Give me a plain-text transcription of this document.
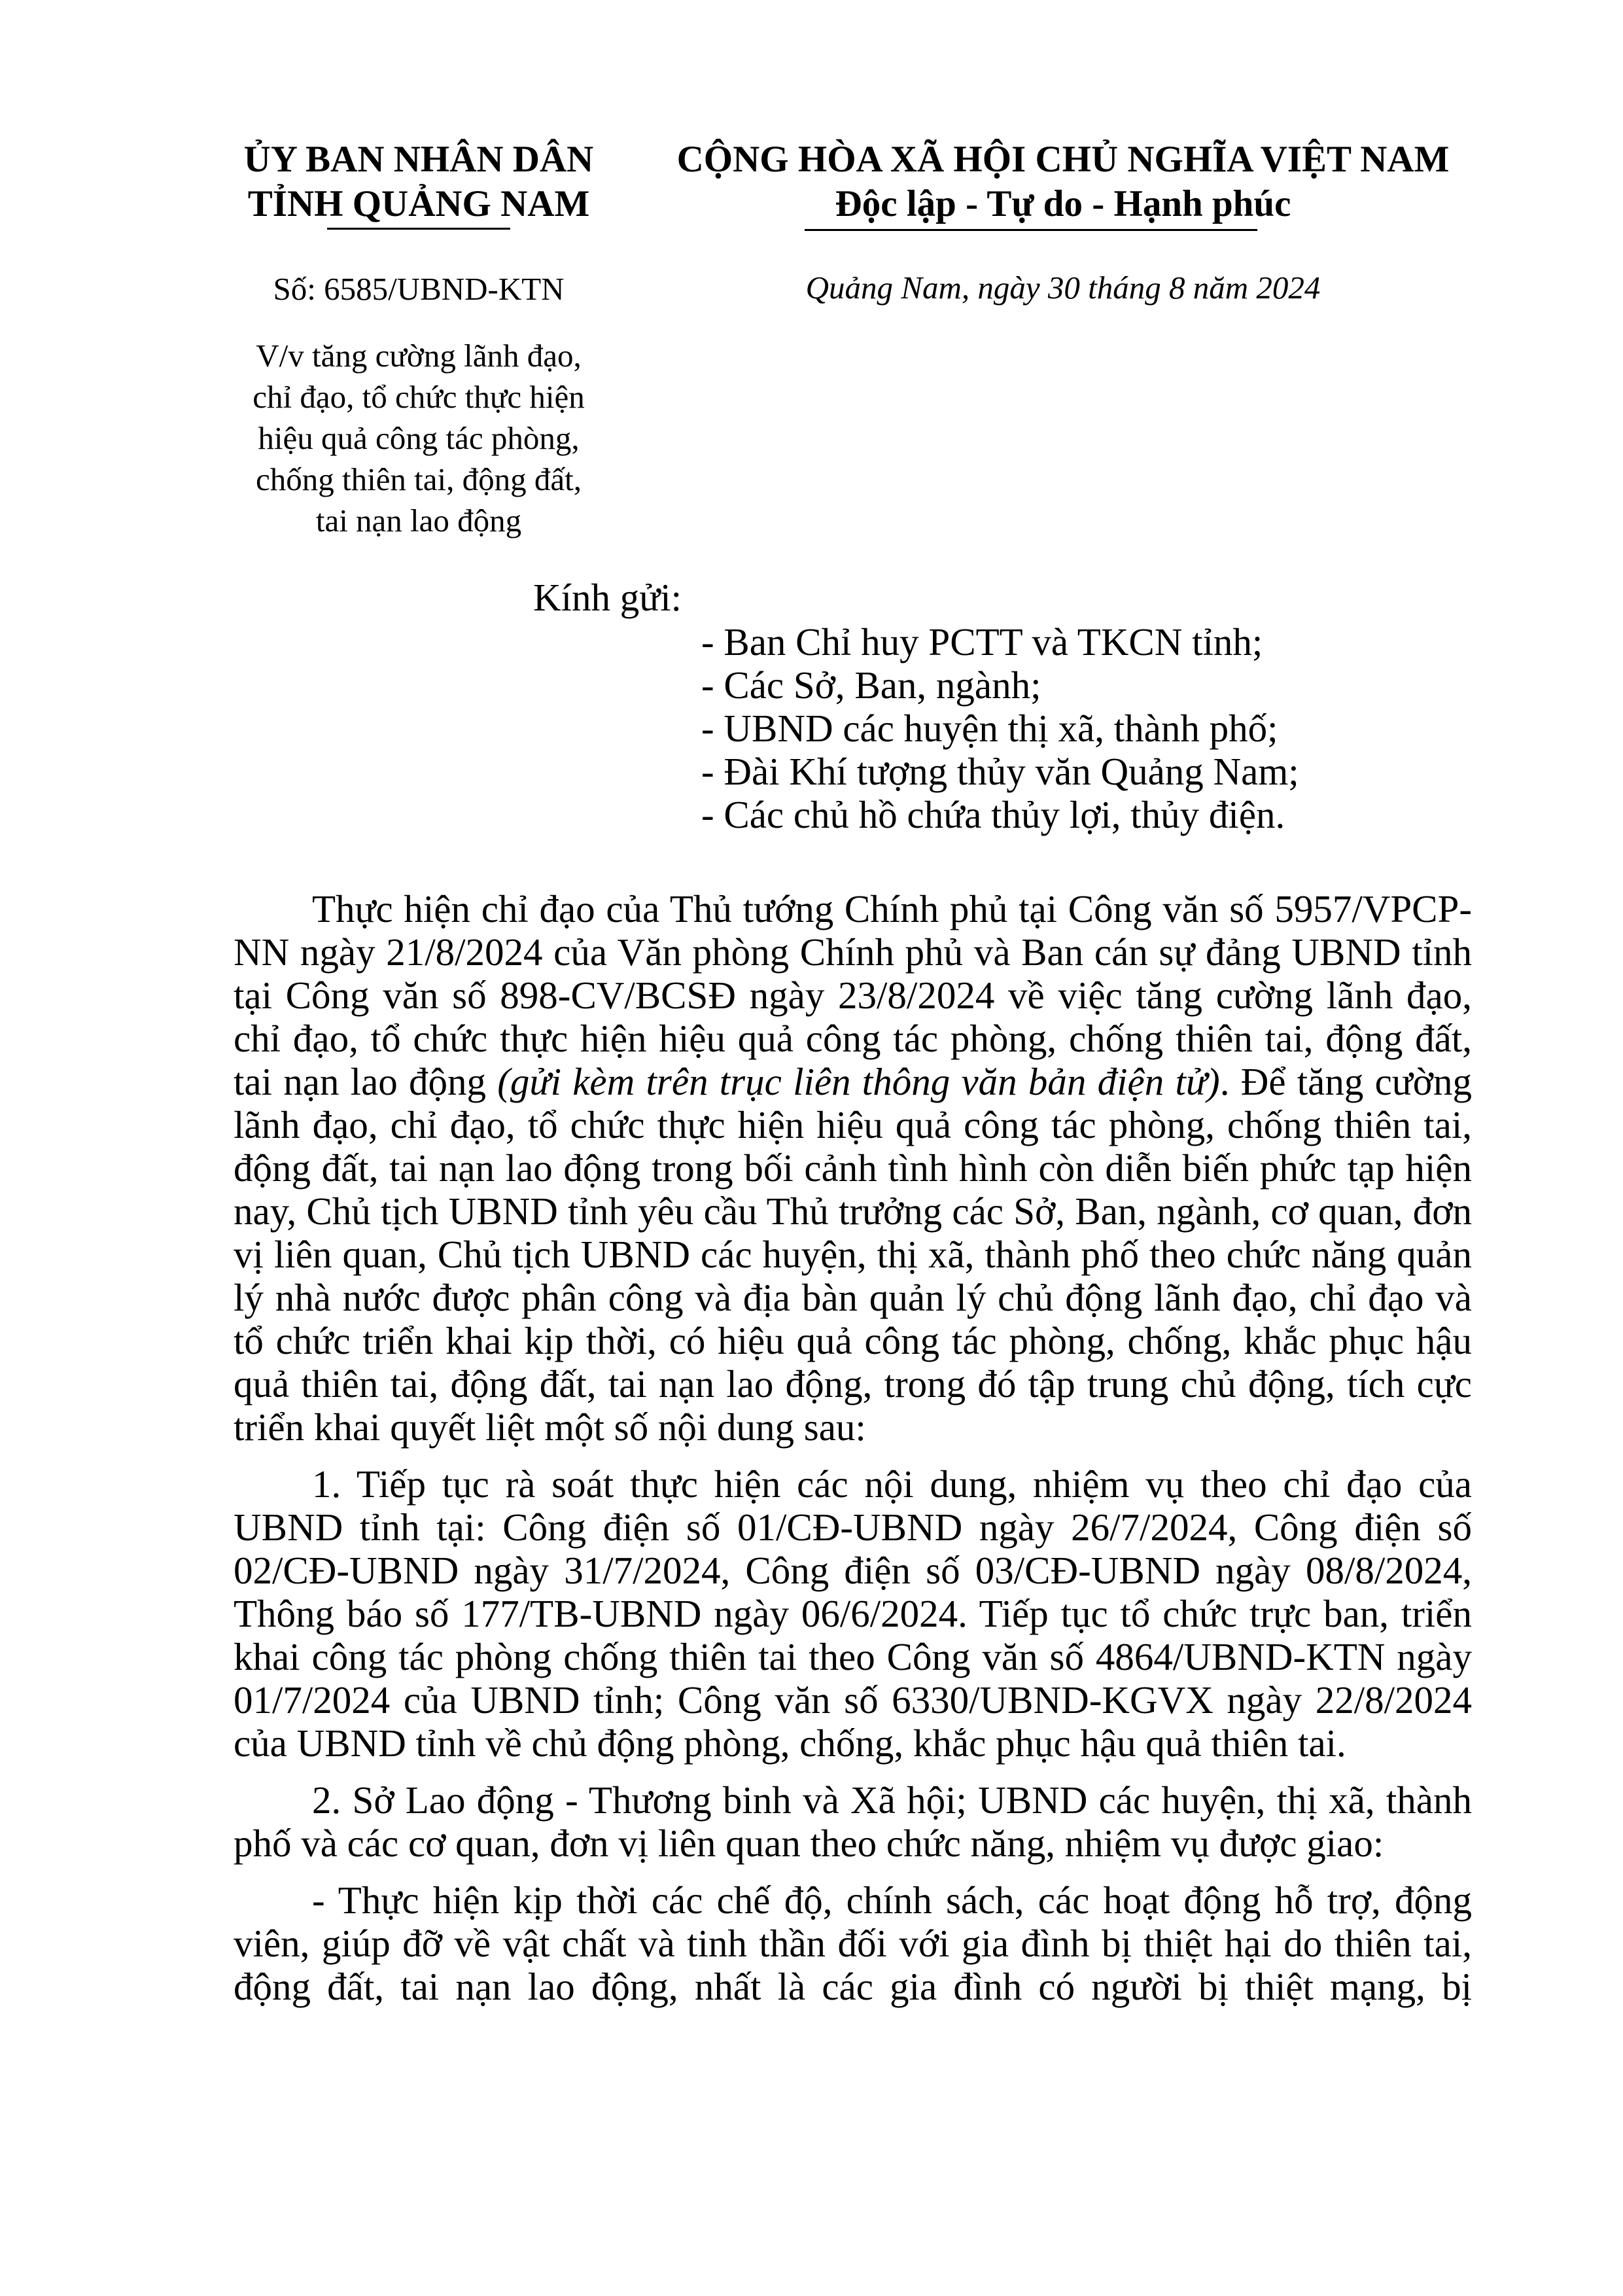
ỦY BAN NHÂN DÂN
TỈNH QUẢNG NAM
CỘNG HÒA XÃ HỘI CHỦ NGHĨA VIỆT NAM
Độc lập - Tự do - Hạnh phúc
Số: 6585/UBND-KTN	Quảng Nam, ngày 30 tháng 8 năm 2024
V/v tăng cường lãnh đạo,
chỉ đạo, tổ chức thực hiện
hiệu quả công tác phòng,
chống thiên tai, động đất,
tai nạn lao động
Kính gửi:
- Ban Chỉ huy PCTT và TKCN tỉnh;
- Các Sở, Ban, ngành;
- UBND các huyện thị xã, thành phố;
- Đài Khí tượng thủy văn Quảng Nam;
- Các chủ hồ chứa thủy lợi, thủy điện.

Thực hiện chỉ đạo của Thủ tướng Chính phủ tại Công văn số 5957/VPCP-NN ngày 21/8/2024 của Văn phòng Chính phủ và Ban cán sự đảng UBND tỉnh tại Công văn số 898-CV/BCSĐ ngày 23/8/2024 về việc tăng cường lãnh đạo, chỉ đạo, tổ chức thực hiện hiệu quả công tác phòng, chống thiên tai, động đất, tai nạn lao động (gửi kèm trên trục liên thông văn bản điện tử). Để tăng cường lãnh đạo, chỉ đạo, tổ chức thực hiện hiệu quả công tác phòng, chống thiên tai, động đất, tai nạn lao động trong bối cảnh tình hình còn diễn biến phức tạp hiện nay, Chủ tịch UBND tỉnh yêu cầu Thủ trưởng các Sở, Ban, ngành, cơ quan, đơn vị liên quan, Chủ tịch UBND các huyện, thị xã, thành phố theo chức năng quản lý nhà nước được phân công và địa bàn quản lý chủ động lãnh đạo, chỉ đạo và tổ chức triển khai kịp thời, có hiệu quả công tác phòng, chống, khắc phục hậu quả thiên tai, động đất, tai nạn lao động, trong đó tập trung chủ động, tích cực triển khai quyết liệt một số nội dung sau:

1. Tiếp tục rà soát thực hiện các nội dung, nhiệm vụ theo chỉ đạo của UBND tỉnh tại: Công điện số 01/CĐ-UBND ngày 26/7/2024, Công điện số 02/CĐ-UBND ngày 31/7/2024, Công điện số 03/CĐ-UBND ngày 08/8/2024, Thông báo số 177/TB-UBND ngày 06/6/2024. Tiếp tục tổ chức trực ban, triển khai công tác phòng chống thiên tai theo Công văn số 4864/UBND-KTN ngày 01/7/2024 của UBND tỉnh; Công văn số 6330/UBND-KGVX ngày 22/8/2024 của UBND tỉnh về chủ động phòng, chống, khắc phục hậu quả thiên tai.

2. Sở Lao động - Thương binh và Xã hội; UBND các huyện, thị xã, thành phố và các cơ quan, đơn vị liên quan theo chức năng, nhiệm vụ được giao:

- Thực hiện kịp thời các chế độ, chính sách, các hoạt động hỗ trợ, động viên, giúp đỡ về vật chất và tinh thần đối với gia đình bị thiệt hại do thiên tai, động đất, tai nạn lao động, nhất là các gia đình có người bị thiệt mạng, bị
